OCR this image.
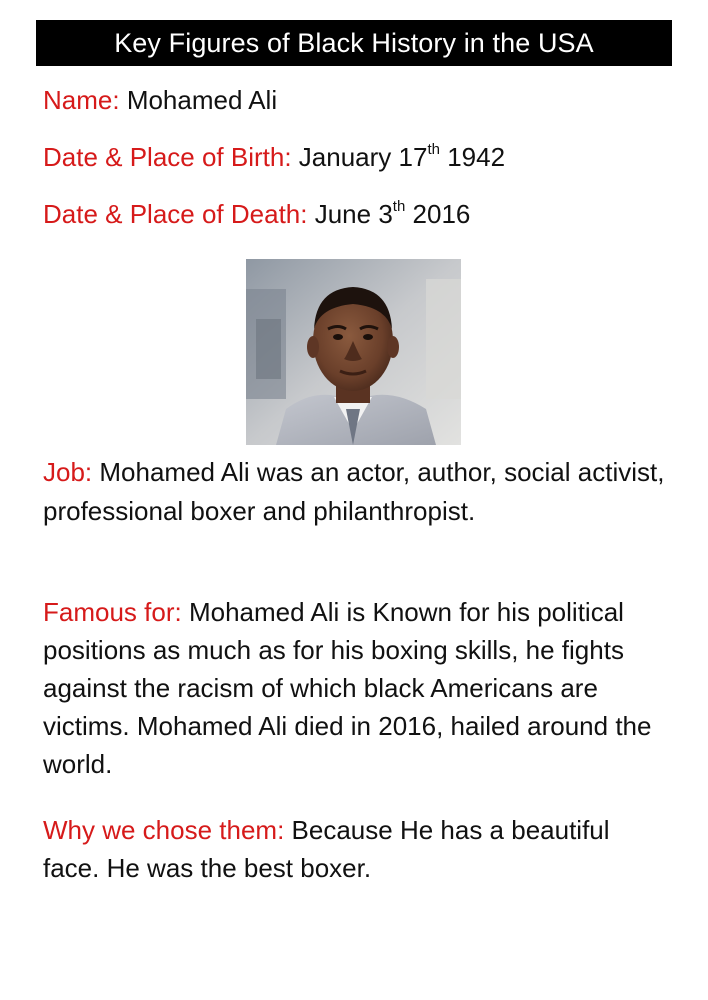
Key Figures of Black History in the USA

Name: Mohamed Ali

Date & Place of Birth: January 17th 1942

Date & Place of Death: June 3th 2016

Job: Mohamed Ali was an actor, author, social activist, professional boxer and philanthropist.

Famous for: Mohamed Ali is Known for his political positions as much as for his boxing skills, he fights against the racism of which black Americans are victims. Mohamed Ali died in 2016, hailed around the world.

Why we chose them: Because He has a beautiful face. He was the best boxer.
